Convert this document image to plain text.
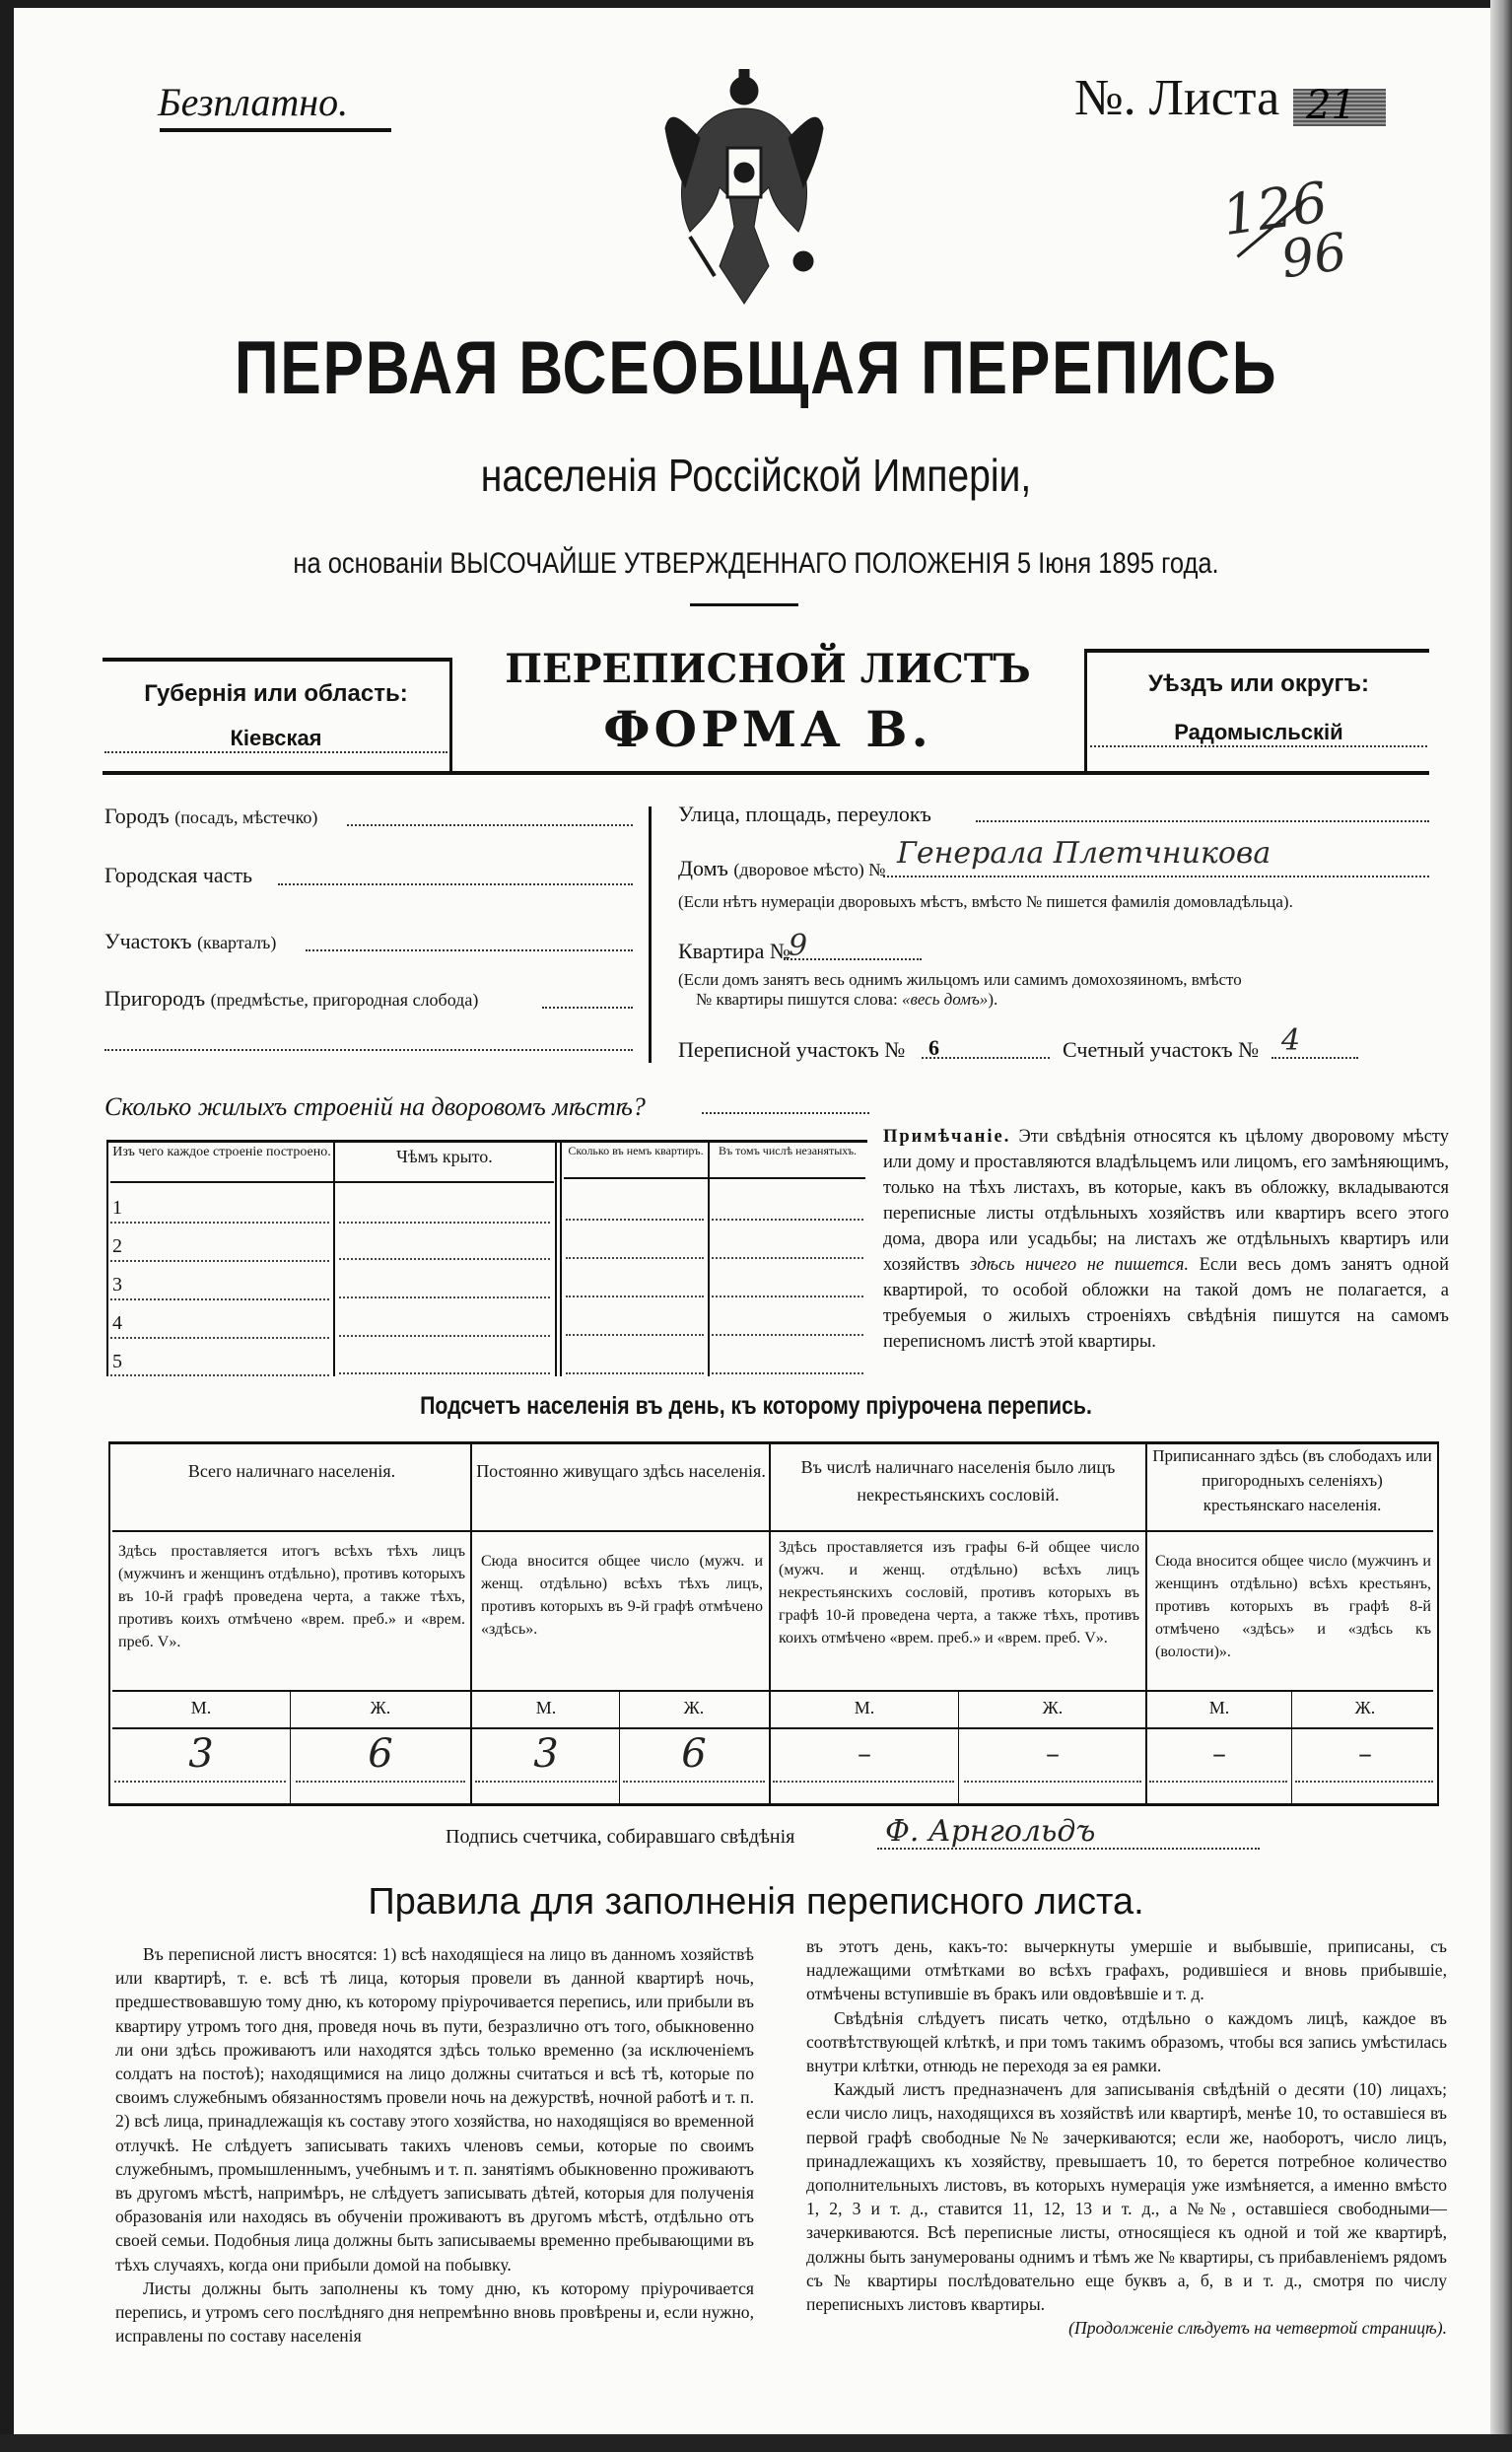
Безплатно.	№. Листа 21
126
96
ПЕРВАЯ ВСЕОБЩАЯ ПЕРЕПИСЬ
населенія Россійской Имперіи,
на основаніи ВЫСОЧАЙШЕ УТВЕРЖДЕННАГО ПОЛОЖЕНІЯ 5 Іюня 1895 года.
Губернія или область:
Кіевская
ПЕРЕПИСНОЙ ЛИСТЪ
ФОРМА В.
Уѣздъ или округъ:
Радомысльскій
Городъ (посадъ, мѣстечко)
Городская часть
Участокъ (кварталъ)
Пригородъ (предмѣстье, пригородная слобода)
Улица, площадь, переулокъ
Домъ (дворовое мѣсто) № Генерала Плетчникова
(Если нѣтъ нумераціи дворовыхъ мѣстъ, вмѣсто № пишется фамилія домовладѣльца).
Квартира №
9
(Если домъ занятъ весь однимъ жильцомъ или самимъ домохозяиномъ, вмѣсто
№ квартиры пишутся слова: «весь домъ»).
Переписной участокъ № 6	Счетный участокъ № 4
Сколько жилыхъ строеній на дворовомъ мѣстѣ?
Изъ чего каждое строеніе построено.	Чѣмъ крыто.	Сколько въ немъ квартиръ.	Въ томъ числѣ незанятыхъ.
1
2
3
4
5
Примѣчаніе. Эти свѣдѣнія относятся къ цѣлому дворовому мѣсту или дому и проставляются владѣльцемъ или лицомъ, его замѣняющимъ, только на тѣхъ листахъ, въ которые, какъ въ обложку, вкладываются переписные листы отдѣльныхъ хозяйствъ или квартиръ всего этого дома, двора или усадьбы; на листахъ же отдѣльныхъ квартиръ или хозяйствъ здѣсь ничего не пишется. Если весь домъ занятъ одной квартирой, то особой обложки на такой домъ не полагается, а требуемыя о жилыхъ строеніяхъ свѣдѣнія пишутся на самомъ переписномъ листѣ этой квартиры.
Подсчетъ населенія въ день, къ которому пріурочена перепись.
Всего наличнаго населенія.
Здѣсь проставляется итогъ всѣхъ тѣхъ лицъ (мужчинъ и женщинъ отдѣльно), противъ которыхъ въ 10-й графѣ проведена черта, а также тѣхъ, противъ коихъ отмѣчено «врем. преб.» и «врем. преб. V».
М.	Ж.
3	6
Постоянно живущаго здѣсь населенія.
Сюда вносится общее число (мужч. и женщ. отдѣльно) всѣхъ тѣхъ лицъ, противъ которыхъ въ 9-й графѣ отмѣчено «здѣсь».
М.	Ж.
3	6
Въ числѣ наличнаго населенія было лицъ некрестьянскихъ сословій.
Здѣсь проставляется изъ графы 6-й общее число (мужч. и женщ. отдѣльно) всѣхъ лицъ некрестьянскихъ сословій, противъ которыхъ въ графѣ 10-й проведена черта, а также тѣхъ, противъ коихъ отмѣчено «врем. преб.» и «врем. преб. V».
М.	Ж.
–	–
Приписаннаго здѣсь (въ слободахъ или пригородныхъ селеніяхъ) крестьянскаго населенія.
Сюда вносится общее число (мужчинъ и женщинъ отдѣльно) всѣхъ крестьянъ, противъ которыхъ въ графѣ 8-й отмѣчено «здѣсь» и «здѣсь къ (волости)».
М.	Ж.
–	–
Подпись счетчика, собиравшаго свѣдѣнія	Ф. Арнгольдъ
Правила для заполненія переписного листа.

Въ переписной листъ вносятся: 1) всѣ находящіеся на лицо въ данномъ хозяйствѣ или квартирѣ, т. е. всѣ тѣ лица, которыя провели въ данной квартирѣ ночь, предшествовавшую тому дню, къ которому пріурочивается перепись, или прибыли въ квартиру утромъ того дня, проведя ночь въ пути, безразлично отъ того, обыкновенно ли они здѣсь проживаютъ или находятся здѣсь только временно (за исключеніемъ солдатъ на постоѣ); находящимися на лицо должны считаться и всѣ тѣ, которые по своимъ служебнымъ обязанностямъ провели ночь на дежурствѣ, ночной работѣ и т. п. 2) всѣ лица, принадлежащія къ составу этого хозяйства, но находящіяся во временной отлучкѣ. Не слѣдуетъ записывать такихъ членовъ семьи, которые по своимъ служебнымъ, промышленнымъ, учебнымъ и т. п. занятіямъ обыкновенно проживаютъ въ другомъ мѣстѣ, напримѣръ, не слѣдуетъ записывать дѣтей, которыя для полученія образованія или находясь въ обученіи проживаютъ въ другомъ мѣстѣ, отдѣльно отъ своей семьи. Подобныя лица должны быть записываемы временно пребывающими въ тѣхъ случаяхъ, когда они прибыли домой на побывку.

Листы должны быть заполнены къ тому дню, къ которому пріурочивается перепись, и утромъ сего послѣдняго дня непремѣнно вновь провѣрены и, если нужно, исправлены по составу населенія

въ этотъ день, какъ-то: вычеркнуты умершіе и выбывшіе, приписаны, съ надлежащими отмѣтками во всѣхъ графахъ, родившіеся и вновь прибывшіе, отмѣчены вступившіе въ бракъ или овдовѣвшіе и т. д.

Свѣдѣнія слѣдуетъ писать четко, отдѣльно о каждомъ лицѣ, каждое въ соотвѣтствующей клѣткѣ, и при томъ такимъ образомъ, чтобы вся запись умѣстилась внутри клѣтки, отнюдь не переходя за ея рамки.

Каждый листъ предназначенъ для записыванія свѣдѣній о десяти (10) лицахъ; если число лицъ, находящихся въ хозяйствѣ или квартирѣ, менѣе 10, то оставшіеся въ первой графѣ свободные №№ зачеркиваются; если же, наоборотъ, число лицъ, принадлежащихъ къ хозяйству, превышаетъ 10, то берется потребное количество дополнительныхъ листовъ, въ которыхъ нумерація уже измѣняется, а именно вмѣсто 1, 2, 3 и т. д., ставится 11, 12, 13 и т. д., а №№, оставшіеся свободными—зачеркиваются. Всѣ переписные листы, относящіеся къ одной и той же квартирѣ, должны быть занумерованы однимъ и тѣмъ же № квартиры, съ прибавленіемъ рядомъ съ № квартиры послѣдовательно еще буквъ а, б, в и т. д., смотря по числу переписныхъ листовъ квартиры.

(Продолженіе слѣдуетъ на четвертой страницѣ).
